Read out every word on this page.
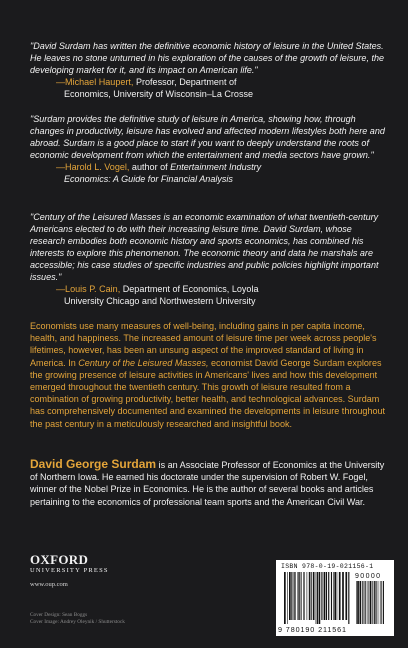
"David Surdam has written the definitive economic history of leisure in the United States. He leaves no stone unturned in his exploration of the causes of the growth of leisure, the developing market for it, and its impact on American life."
—Michael Haupert, Professor, Department of
Economics, University of Wisconsin–La Crosse
"Surdam provides the definitive study of leisure in America, showing how, through changes in productivity, leisure has evolved and affected modern lifestyles both here and abroad. Surdam is a good place to start if you want to deeply understand the roots of economic development from which the entertainment and media sectors have grown."
—Harold L. Vogel, author of Entertainment Industry
Economics: A Guide for Financial Analysis
"Century of the Leisured Masses is an economic examination of what twentieth-century Americans elected to do with their increasing leisure time. David Surdam, whose research embodies both economic history and sports economics, has combined his interests to explore this phenomenon. The economic theory and data he marshals are accessible; his case studies of specific industries and public policies highlight important issues."
—Louis P. Cain, Department of Economics, Loyola
University Chicago and Northwestern University
Economists use many measures of well-being, including gains in per capita income, health, and happiness. The increased amount of leisure time per week across people's lifetimes, however, has been an unsung aspect of the improved standard of living in America. In Century of the Leisured Masses, economist David George Surdam explores the growing presence of leisure activities in Americans' lives and how this development emerged throughout the twentieth century. This growth of leisure resulted from a combination of growing productivity, better health, and technological advances. Surdam has comprehensively documented and examined the developments in leisure throughout the past century in a meticulously researched and insightful book.
David George Surdam is an Associate Professor of Economics at the University of Northern Iowa. He earned his doctorate under the supervision of Robert W. Fogel, winner of the Nobel Prize in Economics. He is the author of several books and articles pertaining to the economics of professional team sports and the American Civil War.
OXFORD
UNIVERSITY PRESS
www.oup.com
Cover Design: Sean Boggs
Cover Image: Andrey Oleynik / Shutterstock
ISBN 978-0-19-021156-1
90000
9 780190 211561
